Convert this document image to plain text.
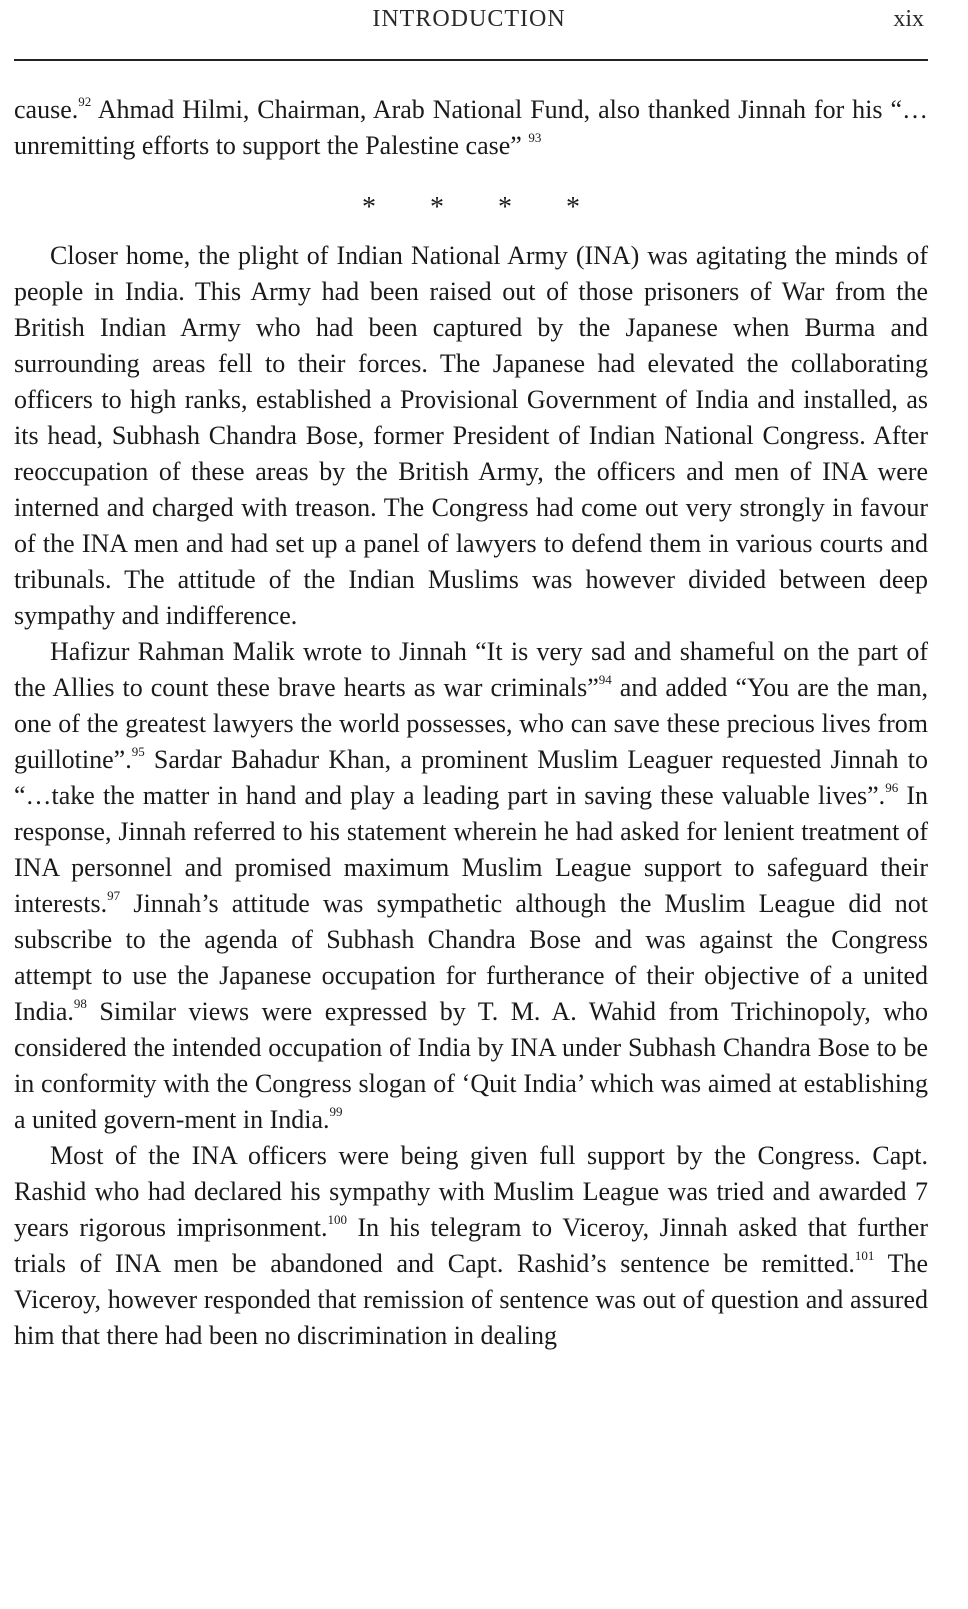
INTRODUCTION	xix

cause.$^{92}$ Ahmad Hilmi, Chairman, Arab National Fund, also thanked Jinnah for his “…unremitting efforts to support the Palestine case” $^{93}$

* * * *

Closer home, the plight of Indian National Army (INA) was agitating the minds of people in India. This Army had been raised out of those prisoners of War from the British Indian Army who had been captured by the Japanese when Burma and surrounding areas fell to their forces. The Japanese had elevated the collaborating officers to high ranks, established a Provisional Government of India and installed, as its head, Subhash Chandra Bose, former President of Indian National Congress. After reoccupation of these areas by the British Army, the officers and men of INA were interned and charged with treason. The Congress had come out very strongly in favour of the INA men and had set up a panel of lawyers to defend them in various courts and tribunals. The attitude of the Indian Muslims was however divided between deep sympathy and indifference.

Hafizur Rahman Malik wrote to Jinnah “It is very sad and shameful on the part of the Allies to count these brave hearts as war criminals”$^{94}$ and added “You are the man, one of the greatest lawyers the world possesses, who can save these precious lives from guillotine”.$^{95}$ Sardar Bahadur Khan, a prominent Muslim Leaguer requested Jinnah to “…take the matter in hand and play a leading part in saving these valuable lives”.$^{96}$ In response, Jinnah referred to his statement wherein he had asked for lenient treatment of INA personnel and promised maximum Muslim League support to safeguard their interests.$^{97}$ Jinnah’s attitude was sympathetic although the Muslim League did not subscribe to the agenda of Subhash Chandra Bose and was against the Congress attempt to use the Japanese occupation for furtherance of their objective of a united India.$^{98}$ Similar views were expressed by T. M. A. Wahid from Trichinopoly, who considered the intended occupation of India by INA under Subhash Chandra Bose to be in conformity with the Congress slogan of ‘Quit India’ which was aimed at establishing a united govern-ment in India.$^{99}$

Most of the INA officers were being given full support by the Congress. Capt. Rashid who had declared his sympathy with Muslim League was tried and awarded 7 years rigorous imprisonment.$^{100}$ In his telegram to Viceroy, Jinnah asked that further trials of INA men be abandoned and Capt. Rashid’s sentence be remitted.$^{101}$ The Viceroy, however responded that remission of sentence was out of question and assured him that there had been no discrimination in dealing
